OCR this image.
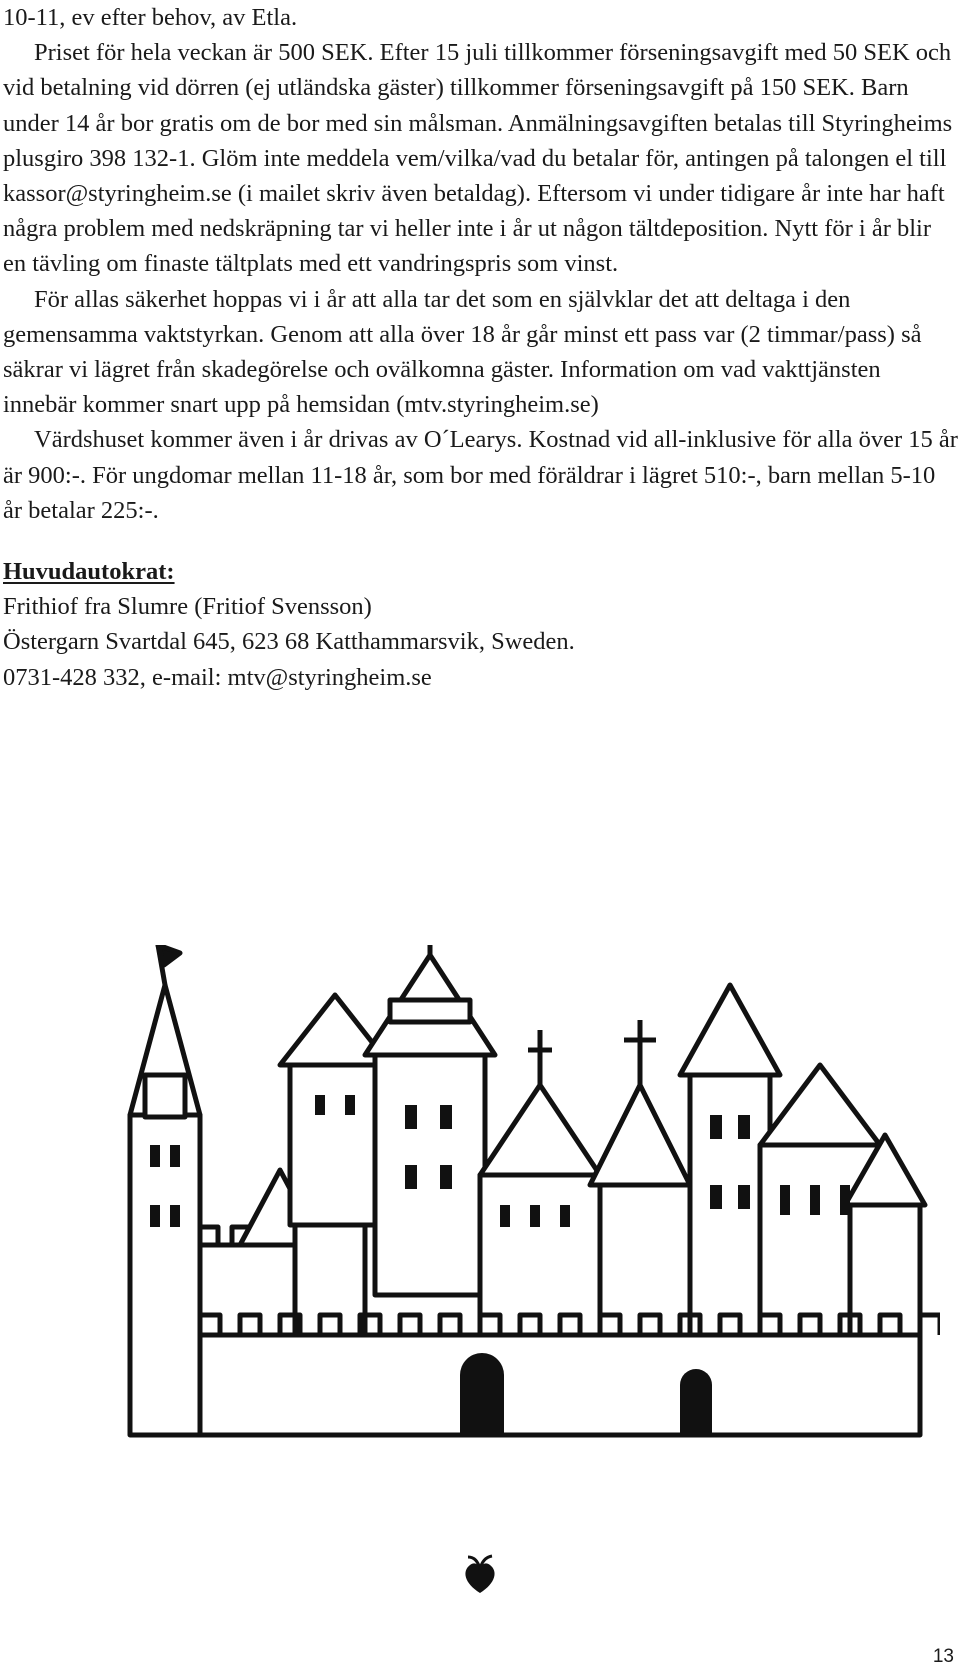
10-11, ev efter behov, av Etla.

Priset för hela veckan är 500 SEK. Efter 15 juli tillkommer förseningsavgift med 50 SEK och vid betalning vid dörren (ej utländska gäster) tillkommer förseningsavgift på 150 SEK. Barn under 14 år bor gratis om de bor med sin målsman. Anmälningsavgiften betalas till Styringheims plusgiro 398 132-1. Glöm inte meddela vem/vilka/vad du betalar för, antingen på talongen el till kassor@styringheim.se (i mailet skriv även betaldag). Eftersom vi under tidigare år inte har haft några problem med nedskräpning tar vi heller inte i år ut någon tältdeposition. Nytt för i år blir en tävling om finaste tältplats med ett vandringspris som vinst.

För allas säkerhet hoppas vi i år att alla tar det som en självklar det att deltaga i den gemensamma vaktstyrkan. Genom att alla över 18 år går minst ett pass var (2 timmar/pass) så säkrar vi lägret från skadegörelse och ovälkomna gäster. Information om vad vakttjänsten innebär kommer snart upp på hemsidan (mtv.styringheim.se)

Värdshuset kommer även i år drivas av O´Learys. Kostnad vid all-inklusive för alla över 15 år är 900:-. För ungdomar mellan 11-18 år, som bor med föräldrar i lägret 510:-, barn mellan 5-10 år betalar 225:-.

Huvudautokrat:

Frithiof fra Slumre (Fritiof Svensson)

Östergarn Svartdal 645, 623 68 Katthammarsvik, Sweden.

0731-428 332, e-mail: mtv@styringheim.se

13
